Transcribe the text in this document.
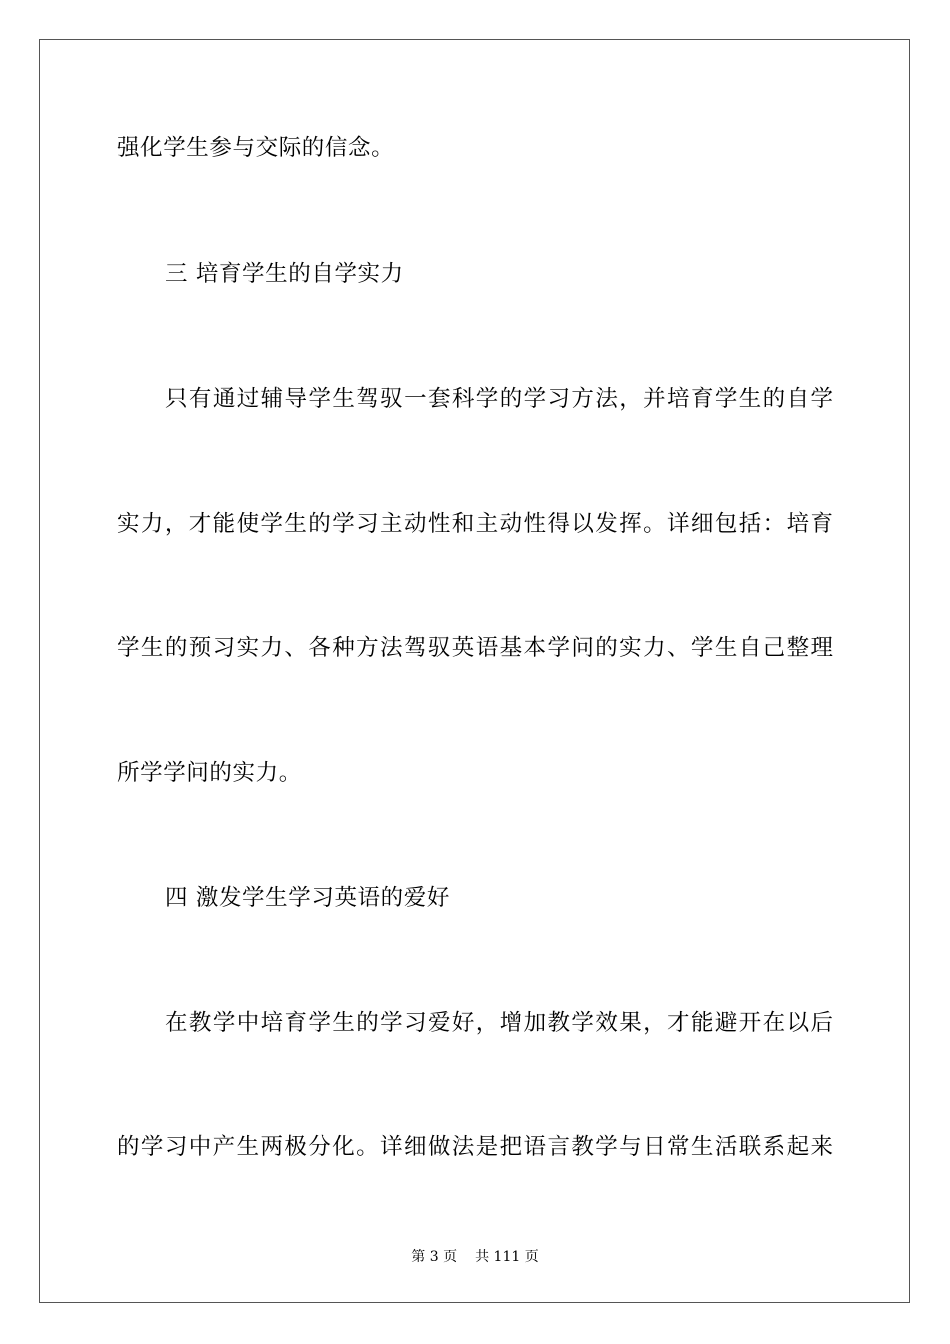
强化学生参与交际的信念。
三 培育学生的自学实力
只有通过辅导学生驾驭一套科学的学习方法，并培育学生的自学
实力，才能使学生的学习主动性和主动性得以发挥。详细包括：培育
学生的预习实力、各种方法驾驭英语基本学问的实力、学生自己整理
所学学问的实力。
四 激发学生学习英语的爱好
在教学中培育学生的学习爱好，增加教学效果，才能避开在以后
的学习中产生两极分化。详细做法是把语言教学与日常生活联系起来
第 3 页 共 111 页
